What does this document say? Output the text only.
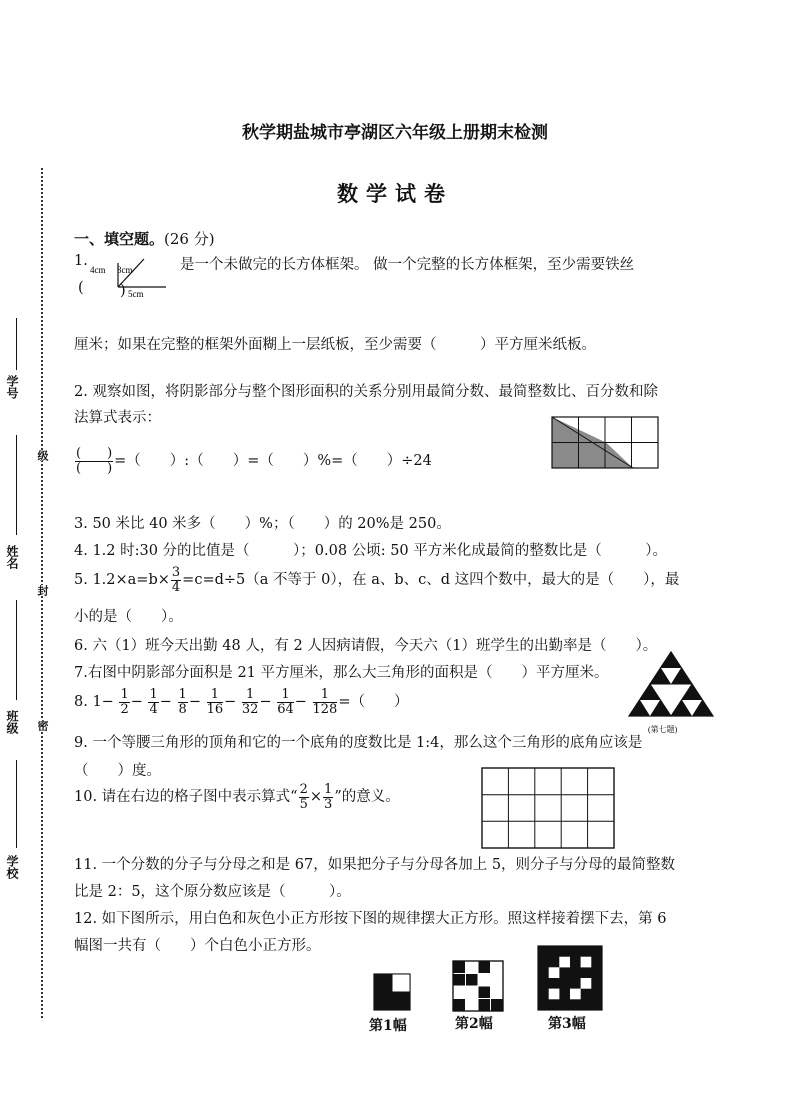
学号
姓名
班级
学校
级
封
密
秋学期盐城市亭湖区六年级上册期末检测
数学试卷
一、填空题。(26 分)
1.
4cm 3cm
5cm
是一个未做完的长方体框架。 做一个完整的长方体框架，至少需要铁丝
(	)
厘米；如果在完整的框架外面糊上一层纸板，至少需要（　　　）平方厘米纸板。
2. 观察如图，将阴影部分与整个图形面积的关系分别用最简分数、最简整数比、百分数和除
法算式表示：
$\frac{( )}{( )}$ =（　　）:（　　）=（　　）%=（　　）÷24
3. 50 米比 40 米多（　　）%；（　　）的 20%是 250。
4. 1.2 时:30 分的比值是（　　　）；0.08 公顷: 50 平方米化成最简的整数比是（　　　）。
5. $1.2\times a=b\times \frac{3}{4} =c=d\div 5(a$ 不等于 0），在 a、b、c、d 这四个数中，最大的是（　　），最
小的是（　　）。
6. 六（1）班今天出勤 48 人，有 2 人因病请假，今天六（1）班学生的出勤率是（　　）。
7.右图中阴影部分面积是 21 平方厘米，那么大三角形的面积是（　　）平方厘米。
(第七题)
8. $1- \frac{1}{2} - \frac{1}{4} - \frac{1}{8} - \frac{1}{16} - \frac{1}{32} - \frac{1}{64} - \frac{1}{128}$ =（　　）
9. 一个等腰三角形的顶角和它的一个底角的度数比是 1:4，那么这个三角形的底角应该是
（　　）度。
10. 请在右边的格子图中表示算式“ $\frac{2}{5} \times \frac{1}{3}$ ”的意义。
11. 一个分数的分子与分母之和是 67，如果把分子与分母各加上 5，则分子与分母的最简整数
比是 2：5，这个原分数应该是（　　　）。
12. 如下图所示，用白色和灰色小正方形按下图的规律摆大正方形。照这样接着摆下去，第 6
幅图一共有（　　）个白色小正方形。
第1幅	第2幅	第3幅
